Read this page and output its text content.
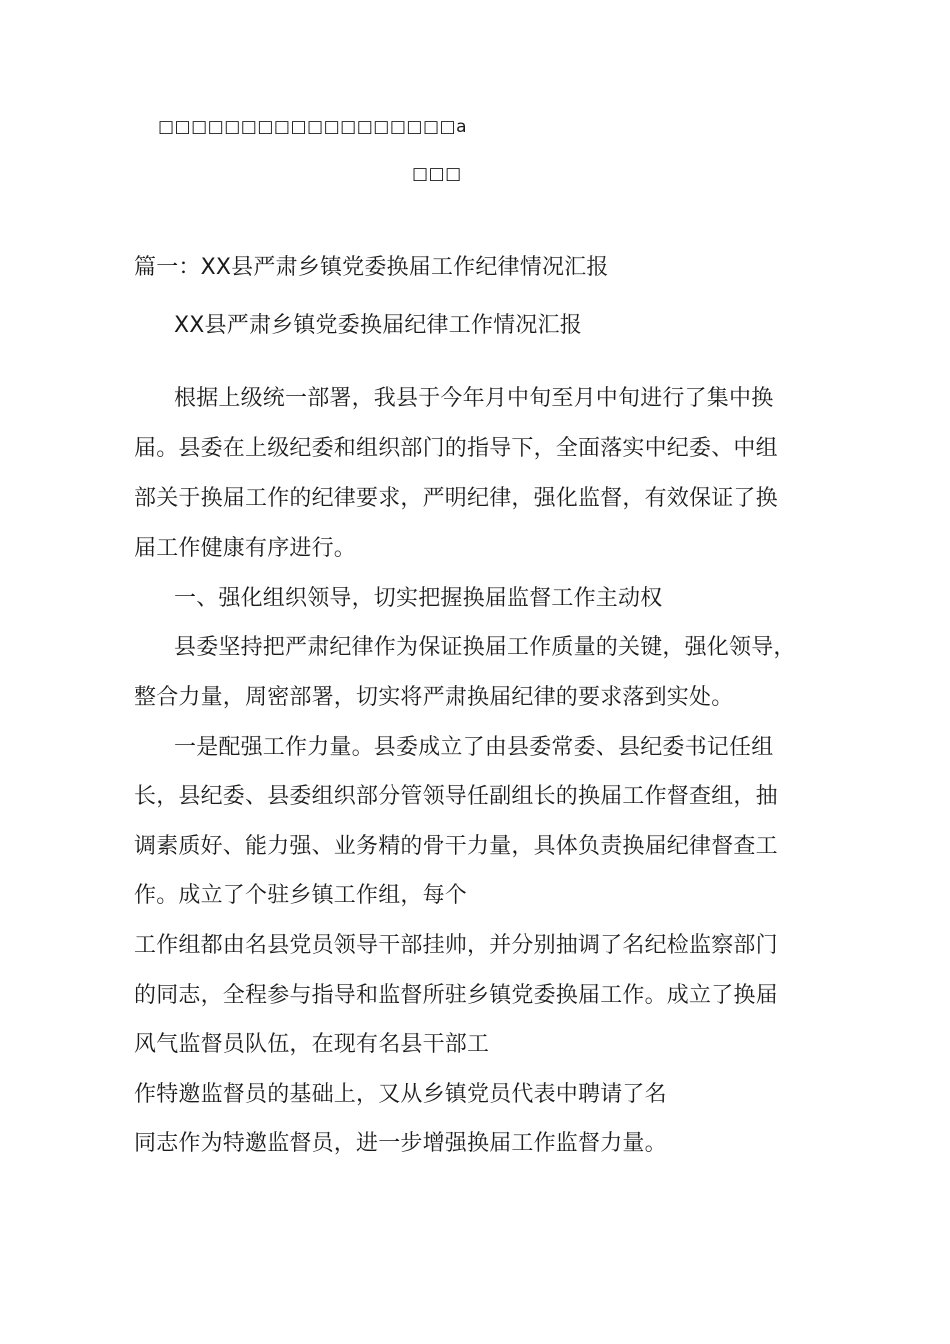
□□□□□□□□□□□□□□□□□□a
□□□
篇一：XX县严肃乡镇党委换届工作纪律情况汇报
XX县严肃乡镇党委换届纪律工作情况汇报
根据上级统一部署，我县于今年月中旬至月中旬进行了集中换
届。县委在上级纪委和组织部门的指导下，全面落实中纪委、中组
部关于换届工作的纪律要求，严明纪律，强化监督，有效保证了换
届工作健康有序进行。
一、强化组织领导，切实把握换届监督工作主动权
县委坚持把严肃纪律作为保证换届工作质量的关键，强化领导，
整合力量，周密部署，切实将严肃换届纪律的要求落到实处。
一是配强工作力量。县委成立了由县委常委、县纪委书记任组
长，县纪委、县委组织部分管领导任副组长的换届工作督查组，抽
调素质好、能力强、业务精的骨干力量，具体负责换届纪律督查工
作。成立了个驻乡镇工作组，每个
工作组都由名县党员领导干部挂帅，并分别抽调了名纪检监察部门
的同志，全程参与指导和监督所驻乡镇党委换届工作。成立了换届
风气监督员队伍，在现有名县干部工
作特邀监督员的基础上，又从乡镇党员代表中聘请了名
同志作为特邀监督员，进一步增强换届工作监督力量。
